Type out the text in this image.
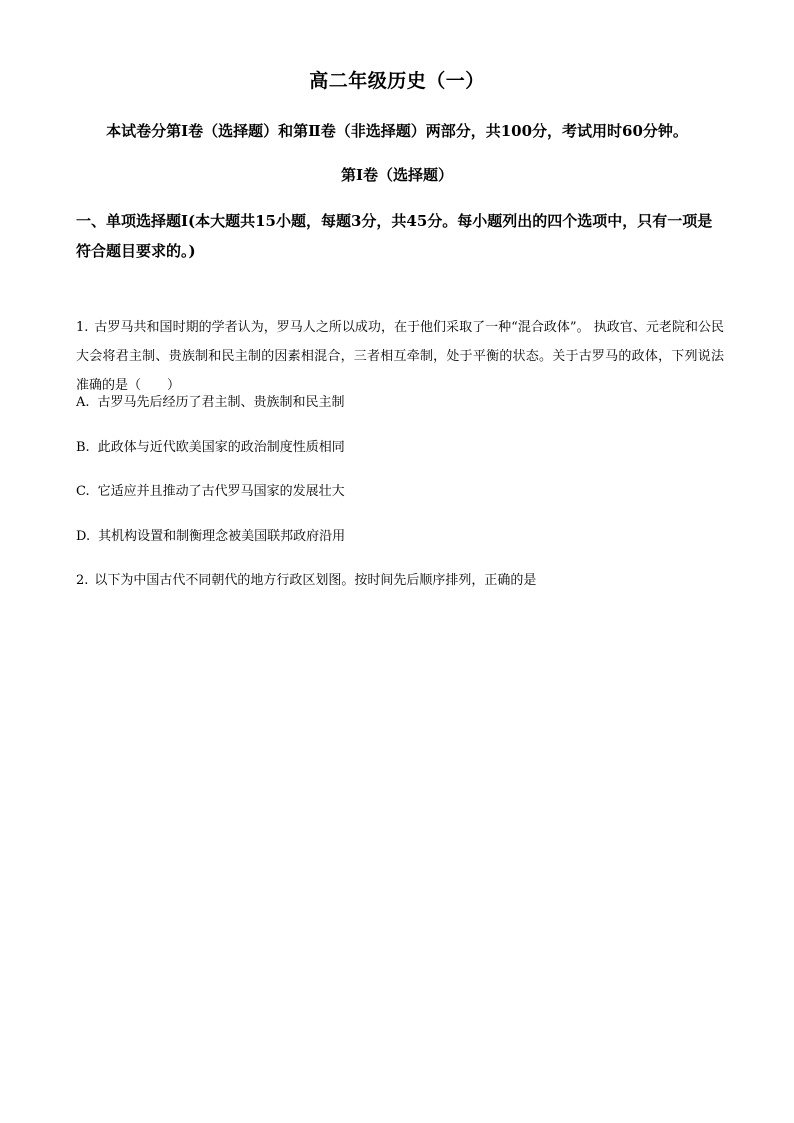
高二年级历史（一）
本试卷分第Ⅰ卷（选择题）和第Ⅱ卷（非选择题）两部分，共100分，考试用时60分钟。
第Ⅰ卷（选择题）
一、单项选择题Ⅰ(本大题共15小题，每题3分，共45分。每小题列出的四个选项中，只有一项是符合题目要求的。)
1. 古罗马共和国时期的学者认为，罗马人之所以成功，在于他们采取了一种“混合政体”。 执政官、元老院和公民大会将君主制、贵族制和民主制的因素相混合，三者相互牵制，处于平衡的状态。关于古罗马的政体，下列说法准确的是（　　）
A. 古罗马先后经历了君主制、贵族制和民主制
B. 此政体与近代欧美国家的政治制度性质相同
C. 它适应并且推动了古代罗马国家的发展壮大
D. 其机构设置和制衡理念被美国联邦政府沿用
2. 以下为中国古代不同朝代的地方行政区划图。按时间先后顺序排列，正确的是
